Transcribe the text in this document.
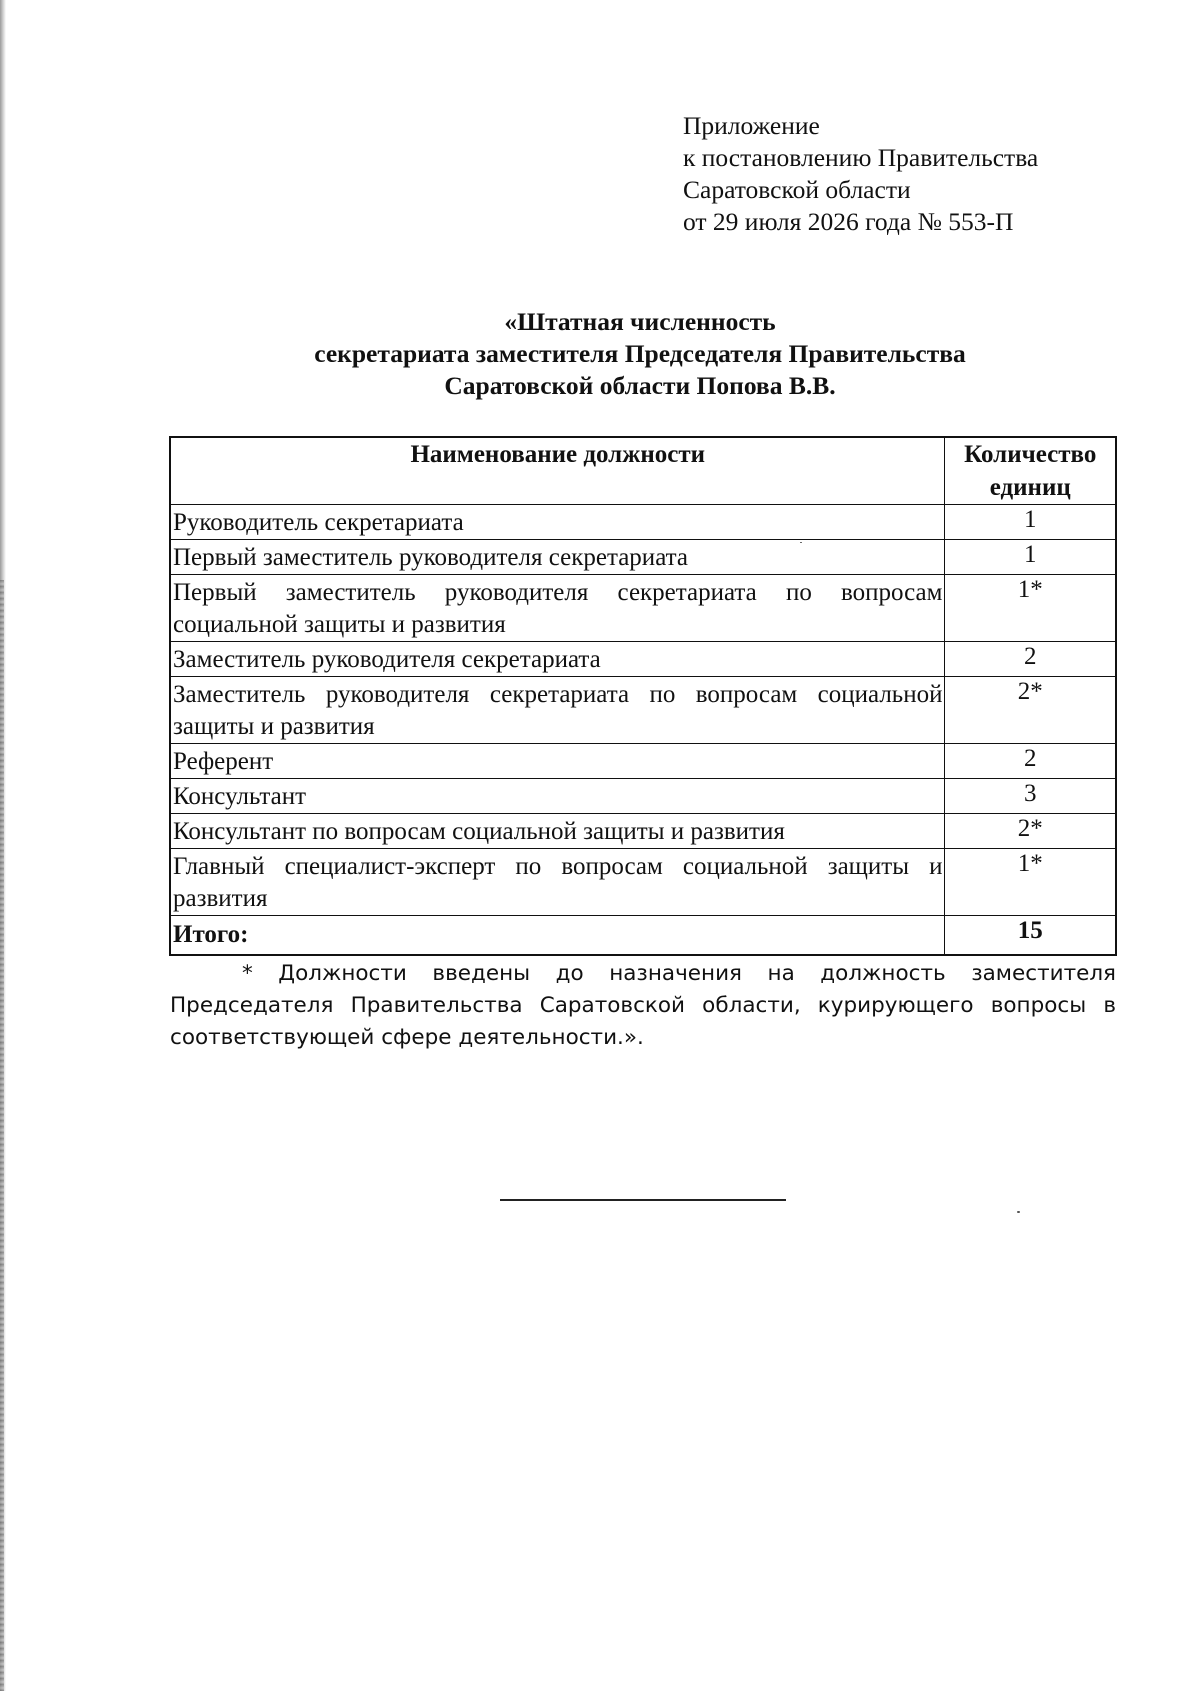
Приложение
к постановлению Правительства
Саратовской области
от 29 июля 2026 года № 553-П
«Штатная численность
секретариата заместителя Председателя Правительства
Саратовской области Попова В.В.
Наименование должности	Количество единиц
Руководитель секретариата	1
Первый заместитель руководителя секретариата	1
Первый заместитель руководителя секретариата по вопросам социальной защиты и развития	1*
Заместитель руководителя секретариата	2
Заместитель руководителя секретариата по вопросам социальной защиты и развития	2*
Референт	2
Консультант	3
Консультант по вопросам социальной защиты и развития	2*
Главный специалист-эксперт по вопросам социальной защиты и развития	1*
Итого:	15
* Должности введены до назначения на должность заместителя Председателя Правительства Саратовской области, курирующего вопросы в соответствующей сфере деятельности.».
